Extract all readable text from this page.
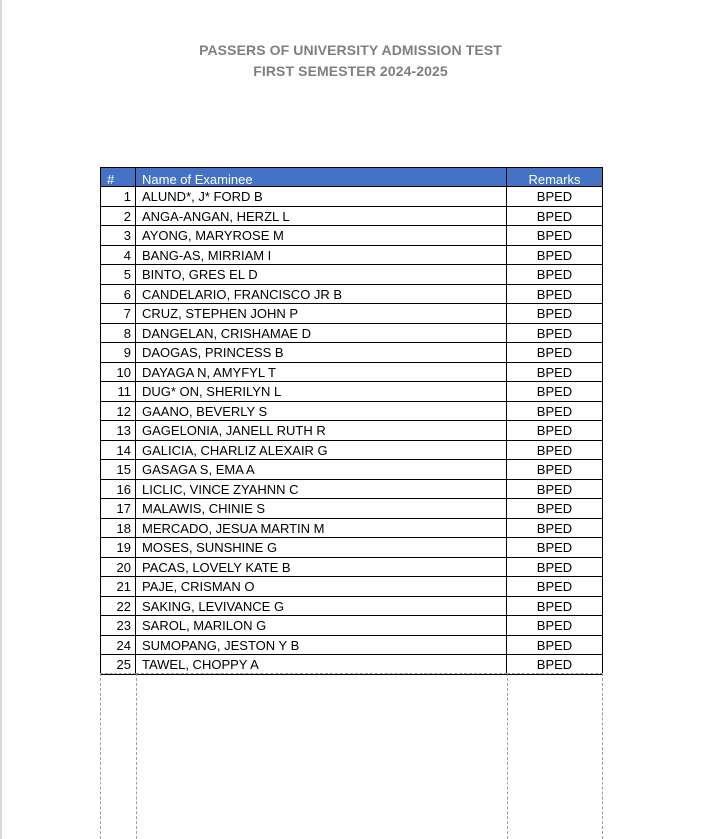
PASSERS OF UNIVERSITY ADMISSION TEST
FIRST SEMESTER 2024-2025
#	Name of Examinee	Remarks
1 ALUND*, J* FORD B	BPED
2 ANGA-ANGAN, HERZL L	BPED
3 AYONG, MARYROSE M	BPED
4 BANG-AS, MIRRIAM I	BPED
5 BINTO, GRES EL D	BPED
6 CANDELARIO, FRANCISCO JR B	BPED
7 CRUZ, STEPHEN JOHN P	BPED
8 DANGELAN, CRISHAMAE D	BPED
9 DAOGAS, PRINCESS B	BPED
10 DAYAGA N, AMYFYL T	BPED
11 DUG* ON, SHERILYN L	BPED
12 GAANO, BEVERLY S	BPED
13 GAGELONIA, JANELL RUTH R	BPED
14 GALICIA, CHARLIZ ALEXAIR G	BPED
15 GASAGA S, EMA A	BPED
16 LICLIC, VINCE ZYAHNN C	BPED
17 MALAWIS, CHINIE S	BPED
18 MERCADO, JESUA MARTIN M	BPED
19 MOSES, SUNSHINE G	BPED
20 PACAS, LOVELY KATE B	BPED
21 PAJE, CRISMAN O	BPED
22 SAKING, LEVIVANCE G	BPED
23 SAROL, MARILON G	BPED
24 SUMOPANG, JESTON Y B	BPED
25 TAWEL, CHOPPY A	BPED
